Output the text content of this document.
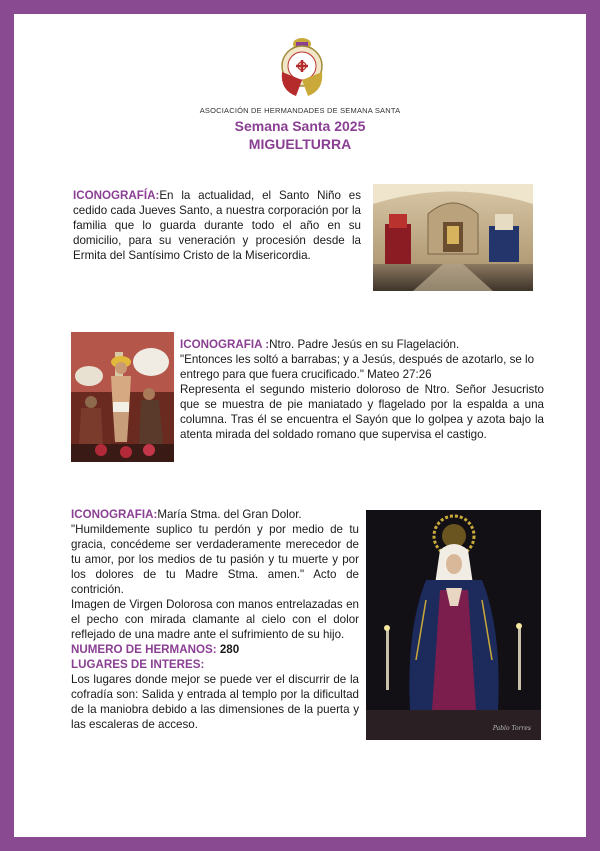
ASOCIACIÓN DE HERMANDADES DE SEMANA SANTA
Semana Santa 2025
MIGUELTURRA
ICONOGRAFÍA:En la actualidad, el Santo Niño es cedido cada Jueves Santo, a nuestra corporación por la familia que lo guarda durante todo el año en su domicilio, para su veneración y procesión desde la Ermita del Santísimo Cristo de la Misericordia.
ICONOGRAFIA :Ntro. Padre Jesús en su Flagelación.
"Entonces les soltó a barrabas; y a Jesús, después de azotarlo, se lo entrego para que fuera crucificado." Mateo 27:26
Representa el segundo misterio doloroso de Ntro. Señor Jesucristo que se muestra de pie maniatado y flagelado por la espalda a una columna. Tras él se encuentra el Sayón que lo golpea y azota bajo la atenta mirada del soldado romano que supervisa el castigo.
ICONOGRAFIA:María Stma. del Gran Dolor.
"Humildemente suplico tu perdón y por medio de tu gracia, concédeme ser verdaderamente merecedor de tu amor, por los medios de tu pasión y tu muerte y por los dolores de tu Madre Stma. amen." Acto de contrición.
Imagen de Virgen Dolorosa con manos entrelazadas en el pecho con mirada clamante al cielo con el dolor reflejado de una madre ante el sufrimiento de su hijo.
NUMERO DE HERMANOS: 280
LUGARES DE INTERES:
Los lugares donde mejor se puede ver el discurrir de la cofradía son: Salida y entrada al templo por la dificultad de la maniobra debido a las dimensiones de la puerta y las escaleras de acceso.	Pablo Torres
